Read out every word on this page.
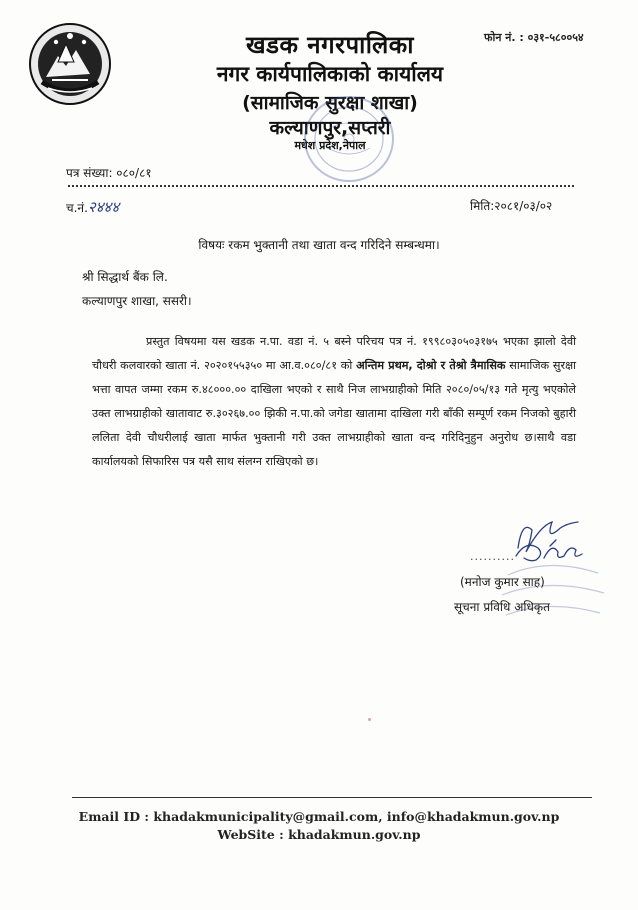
फोन नं. : ०३१-५८००५४
खडक नगरपालिका
नगर कार्यपालिकाको कार्यालय
(सामाजिक सुरक्षा शाखा)
कल्याणपुर,सप्तरी
मधेश प्रदेश,नेपाल
पत्र संख्या: ०८०/८१
च.नं.२४४४	मिति:२०८१/०३/०२
विषयः रकम भुक्तानी तथा खाता वन्द गरिदिने सम्बन्धमा।
श्री सिद्धार्थ बैंक लि.
कल्याणपुर शाखा, ससरी।
प्रस्तुत विषयमा यस खडक न.पा. वडा नं. ५ बस्ने परिचय पत्र नं. १९९८०३०५०३१७५ भएका झालो देवी चौधरी कलवारको खाता नं. २०२०१५५३५० मा आ.व.०८०/८१ को अन्तिम प्रथम, दोश्रो र तेश्रो त्रैमासिक सामाजिक सुरक्षा भत्ता वापत जम्मा रकम रु.४८०००.०० दाखिला भएको र साथै निज लाभग्राहीको मिति २०८०/०५/१३ गते मृत्यु भएकोले उक्त लाभग्राहीको खातावाट रु.३०२६७.०० झिकी न.पा.को जगेडा खातामा दाखिला गरी बाँकी सम्पूर्ण रकम निजको बुहारी ललिता देवी चौधरीलाई खाता मार्फत भुक्तानी गरी उक्त लाभग्राहीको खाता वन्द गरिदिनुहुन अनुरोध छ।साथै वडा कार्यालयको सिफारिस पत्र यसै साथ संलग्न राखिएको छ।
..........
(मनोज कुमार साह)
सूचना प्रविधि अधिकृत
Email ID : khadakmunicipality@gmail.com, info@khadakmun.gov.np
WebSite : khadakmun.gov.np
